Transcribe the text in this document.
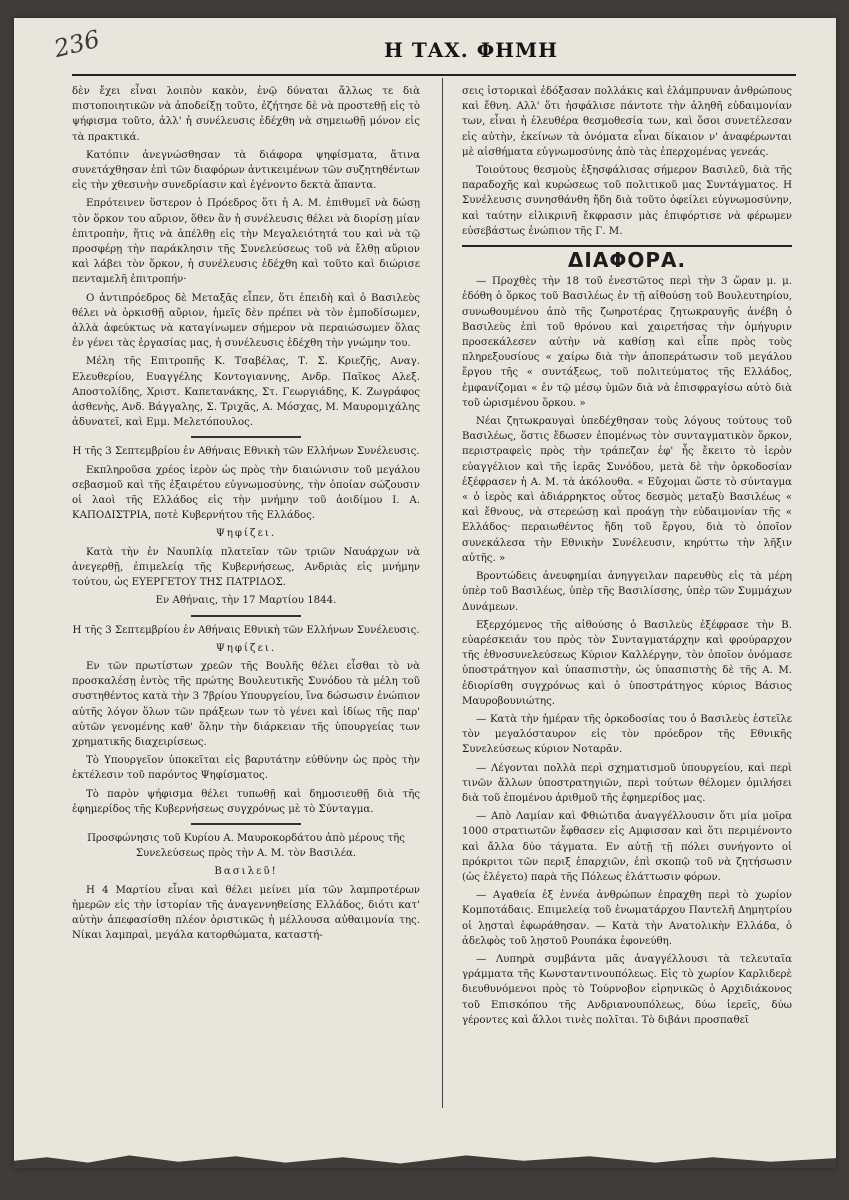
236	Η ΤΑΧ. ΦΗΜΗ

δὲν ἔχει εἶναι λοιπὸν κακὸν, ἐνῷ δύναται ἄλλως τε διὰ πιστοποιητικῶν νὰ ἀποδείξῃ τοῦτο, ἐζήτησε δὲ νὰ προστεθῇ εἰς τὸ ψήφισμα τοῦτο, ἀλλ' ἡ συνέλευσις ἐδέχθη νὰ σημειωθῇ μόνον εἰς τὰ πρακτικά.

Κατόπιν ἀνεγνώσθησαν τὰ διάφορα ψηφίσματα, ἅτινα συνετάχθησαν ἐπὶ τῶν διαφόρων ἀντικειμένων τῶν συζητηθέντων εἰς τὴν χθεσινὴν συνεδρίασιν καὶ ἐγένοντο δεκτὰ ἅπαντα.

Επρότεινεν ὕστερον ὁ Πρόεδρος ὅτι ἡ Α. Μ. ἐπιθυμεῖ νὰ δώσῃ τὸν ὅρκον του αὔριον, ὅθεν ἂν ἡ συνέλευσις θέλει νὰ διορίσῃ μίαν ἐπιτροπὴν, ἥτις νὰ ἀπέλθῃ εἰς τὴν Μεγαλειότητά του καὶ νὰ τῷ προσφέρῃ τὴν παράκλησιν τῆς Συνελεύσεως τοῦ νὰ ἔλθῃ αὔριον καὶ λάβει τὸν ὅρκον, ἡ συνέλευσις ἐδέχθη καὶ τοῦτο καὶ διώρισε πενταμελῆ ἐπιτροπήν·

Ο ἀντιπρόεδρος δὲ Μεταξᾶς εἶπεν, ὅτι ἐπειδὴ καὶ ὁ Βασιλεὺς θέλει νὰ ὁρκισθῇ αὔριον, ἡμεῖς δὲν πρέπει νὰ τὸν ἐμποδίσωμεν, ἀλλὰ ἀφεύκτως νὰ καταγίνωμεν σήμερον νὰ περαιώσωμεν ὅλας ἐν γένει τὰς ἐργασίας μας, ἡ συνέλευσις ἐδέχθη τὴν γνώμην του.

Μέλη τῆς Επιτροπῆς Κ. Τσαβέλας, Τ. Σ. Κριεζῆς, Αναγ. Ελευθερίου, Ευαγγέλης Κοντογιαννης, Ανδρ. Παῖκος Αλεξ. Αποστολίδης, Χριστ. Καπετανάκης, Στ. Γεωργιάδης, Κ. Ζωγράφος ἀσθενὴς, Ανδ. Βάγγαλης, Σ. Τριχᾶς, Α. Μόσχας, Μ. Μαυρομιχάλης ἀδυνατεῖ, καὶ Εμμ. Μελετόπουλος.

Η τῆς 3 Σεπτεμβρίου ἐν Αθήναις Εθνικὴ τῶν Ελλήνων Συνέλευσις.

Εκπληροῦσα χρέος ἱερὸν ὡς πρὸς τὴν διαιώνισιν τοῦ μεγάλου σεβασμοῦ καὶ τῆς ἐξαιρέτου εὐγνωμοσύνης, τὴν ὁποίαν σώζουσιν οἱ λαοὶ τῆς Ελλάδος εἰς τὴν μνήμην τοῦ ἀοιδίμου Ι. Α. ΚΑΠΟΔΙΣΤΡΙΑ, ποτὲ Κυβερνήτου τῆς Ελλάδος.

Ψηφίζει.

Κατὰ τὴν ἐν Ναυπλίᾳ πλατεῖαν τῶν τριῶν Ναυάρχων νὰ ἀνεγερθῇ, ἐπιμελείᾳ τῆς Κυβερνήσεως, Ανδριὰς εἰς μνήμην τούτου, ὡς ΕΥΕΡΓΕΤΟΥ ΤΗΣ ΠΑΤΡΙΔΟΣ.

Εν Αθήναις, τὴν 17 Μαρτίου 1844.

Η τῆς 3 Σεπτεμβρίου ἐν Αθήναις Εθνικὴ τῶν Ελλήνων Συνέλευσις.

Ψηφίζει.

Εν τῶν πρωτίστων χρεῶν τῆς Βουλῆς θέλει εἶσθαι τὸ νὰ προσκαλέσῃ ἐντὸς τῆς πρώτης Βουλευτικῆς Συνόδου τὰ μέλη τοῦ συστηθέντος κατὰ τὴν 3 7βρίου Υπουργείου, ἵνα δώσωσιν ἐνώπιον αὐτῆς λόγον ὅλων τῶν πράξεων των τὸ γένει καὶ ἰδίως τῆς παρ' αὐτῶν γενομένης καθ' ὅλην τὴν διάρκειαν τῆς ὑπουργείας των χρηματικῆς διαχειρίσεως.

Τὸ Υπουργεῖον ὑποκεῖται εἰς βαρυτάτην εὐθύνην ὡς πρὸς τὴν ἐκτέλεσιν τοῦ παρόντος Ψηφίσματος.

Τὸ παρὸν ψήφισμα θέλει τυπωθῇ καὶ δημοσιευθῇ διὰ τῆς ἐφημερίδος τῆς Κυβερνήσεως συγχρόνως μὲ τὸ Σύνταγμα.

Προσφώνησις τοῦ Κυρίου Α. Μαυροκορδάτου ἀπὸ μέρους τῆς Συνελεύσεως πρὸς τὴν Α. Μ. τὸν Βασιλέα.

Βασιλεῦ!

Η 4 Μαρτίου εἶναι καὶ θέλει μείνει μία τῶν λαμπροτέρων ἡμερῶν εἰς τὴν ἱστορίαν τῆς ἀναγεννηθείσης Ελλάδος, διότι κατ' αὐτὴν ἀπεφασίσθη πλέον ὁριστικῶς ἡ μέλλουσα αὐθαιμονία της. Νίκαι λαμπραὶ, μεγάλα κατορθώματα, καταστή-

σεις ἱστορικαὶ ἐδόξασαν πολλάκις καὶ ἐλάμπρυναν ἀνθρώπους καὶ ἔθνη. Αλλ' ὅτι ἠσφάλισε πάντοτε τὴν ἀληθῆ εὐδαιμονίαν των, εἶναι ἡ ἐλευθέρα θεσμοθεσία των, καὶ ὅσοι συνετέλεσαν εἰς αὐτὴν, ἐκείνων τὰ ὀνόματα εἶναι δίκαιον ν' ἀναφέρωνται μὲ αἰσθήματα εὐγνωμοσύνης ἀπὸ τὰς ἐπερχομένας γενεάς.

Τοιούτους θεσμοὺς ἐξησφάλισας σήμερον Βασιλεῦ, διὰ τῆς παραδοχῆς καὶ κυρώσεως τοῦ πολιτικοῦ μας Συντάγματος. Η Συνέλευσις συνησθάνθη ἤδη διὰ τοῦτο ὀφείλει εὐγνωμοσύνην, καὶ ταύτην εἰλικρινῆ ἔκφρασιν μὰς ἐπιφόρτισε νὰ φέρωμεν εὐσεβάστως ἐνώπιον τῆς Γ. Μ.

ΔΙΑΦΟΡΑ.

— Προχθὲς τὴν 18 τοῦ ἐνεστῶτος περὶ τὴν 3 ὥραν μ. μ. ἐδόθη ὁ ὅρκος τοῦ Βασιλέως ἐν τῇ αἰθούσῃ τοῦ Βουλευτηρίου, συνωθουμένου ἀπὸ τῆς ζωηροτέρας ζητωκραυγῆς ἀνέβη ὁ Βασιλεὺς ἐπὶ τοῦ θρόνου καὶ χαιρετήσας τὴν ὁμήγυριν προσεκάλεσεν αὐτὴν νὰ καθίσῃ καὶ εἶπε πρὸς τοὺς πληρεξουσίους « χαίρω διὰ τὴν ἀποπεράτωσιν τοῦ μεγάλου ἔργου τῆς « συντάξεως, τοῦ πολιτεύματος τῆς Ελλάδος, ἐμφανίζομαι « ἐν τῷ μέσῳ ὑμῶν διὰ νὰ ἐπισφραγίσω αὐτὸ διὰ τοῦ ὡρισμένου ὅρκου. »

Νέαι ζητωκραυγαὶ ὑπεδέχθησαν τοὺς λόγους τούτους τοῦ Βασιλέως, ὅστις ἔδωσεν ἐπομένως τὸν συνταγματικὸν ὅρκον, περιστραφεὶς πρὸς τὴν τράπεζαν ἐφ' ἧς ἔκειτο τὸ ἱερὸν εὐαγγέλιον καὶ τῆς ἱερᾶς Συνόδου, μετὰ δὲ τὴν ὁρκοδοσίαν ἐξέφρασεν ἡ Α. Μ. τὰ ἀκόλουθα. « Εὔχομαι ὥστε τὸ σύνταγμα « ὁ ἱερὸς καὶ ἀδιάρρηκτος οὗτος δεσμὸς μεταξὺ Βασιλέως « καὶ ἔθνους, νὰ στερεώσῃ καὶ προάγῃ τὴν εὐδαιμονίαν τῆς « Ελλάδος· περαιωθέντος ἤδη τοῦ ἔργου, διὰ τὸ ὁποῖον συνεκάλεσα τὴν Εθνικὴν Συνέλευσιν, κηρύττω τὴν λῆξιν αὐτῆς. »

Βροντώδεις ἀνευφημίαι ἀνηγγειλαν παρευθὺς εἰς τὰ μέρη ὑπὲρ τοῦ Βασιλέως, ὑπὲρ τῆς Βασιλίσσης, ὑπὲρ τῶν Συμμάχων Δυνάμεων.

Εξερχόμενος τῆς αἰθούσης ὁ Βασιλεὺς ἐξέφρασε τὴν Β. εὐαρέσκειάν του πρὸς τὸν Συνταγματάρχην καὶ φρούραρχον τῆς ἐθνοσυνελεύσεως Κύριον Καλλέργην, τὸν ὁποῖον ὀνόμασε ὑποστράτηγον καὶ ὑπασπιστὴν, ὡς ὑπασπιστὴς δὲ τῆς Α. Μ. ἐδιορίσθη συγχρόνως καὶ ὁ ὑποστράτηγος κύριος Βάσιος Μαυροβουνιώτης.

— Κατὰ τὴν ἡμέραν τῆς ὁρκοδοσίας του ὁ Βασιλεὺς ἐστεῖλε τὸν μεγαλόσταυρον εἰς τὸν πρόεδρον τῆς Εθνικῆς Συνελεύσεως κύριον Νοταρᾶν.

— Λέγονται πολλὰ περὶ σχηματισμοῦ ὑπουργείου, καὶ περὶ τινῶν ἄλλων ὑποστρατηγιῶν, περὶ τούτων θέλομεν ὁμιλήσει διὰ τοῦ ἐπομένου ἀριθμοῦ τῆς ἐφημερίδος μας.

— Απὸ Λαμίαν καὶ Φθιώτιδα ἀναγγέλλουσιν ὅτι μία μοῖρα 1000 στρατιωτῶν ἔφθασεν εἰς Αμφισσαν καὶ ὅτι περιμένοντο καὶ ἄλλα δύο τάγματα. Εν αὐτῇ τῇ πόλει συνήγοντο οἱ πρόκριτοι τῶν περιξ ἐπαρχιῶν, ἐπὶ σκοπῷ τοῦ νὰ ζητήσωσιν (ὡς ἐλέγετο) παρὰ τῆς Πόλεως ἐλάττωσιν φόρων.

— Αγαθεία ἐξ ἐννέα ἀνθρώπων ἐπραχθη περὶ τὸ χωρίον Κομποτάδαις. Επιμελείᾳ τοῦ ἐνωματάρχου Παντελῆ Δημητρίου οἱ λῃσταὶ ἐφωράθησαν. — Κατὰ τὴν Ανατολικὴν Ελλάδα, ὁ ἀδελφὸς τοῦ λῃστοῦ Ρουπάκα ἐφονεύθη.

— Λυπηρὰ συμβάντα μᾶς ἀναγγέλλουσι τὰ τελευταῖα γράμματα τῆς Κωνσταντινουπόλεως. Εἰς τὸ χωρίον Καρλιδερὲ διευθυνόμενοι πρὸς τὸ Τούρνοβον εἰρηνικῶς ὁ Αρχιδιάκονος τοῦ Επισκόπου τῆς Ανδριανουπόλεως, δύω ἱερεῖς, δύω γέροντες καὶ ἄλλοι τινὲς πολῖται. Τὸ διβάνι προσπαθεῖ
